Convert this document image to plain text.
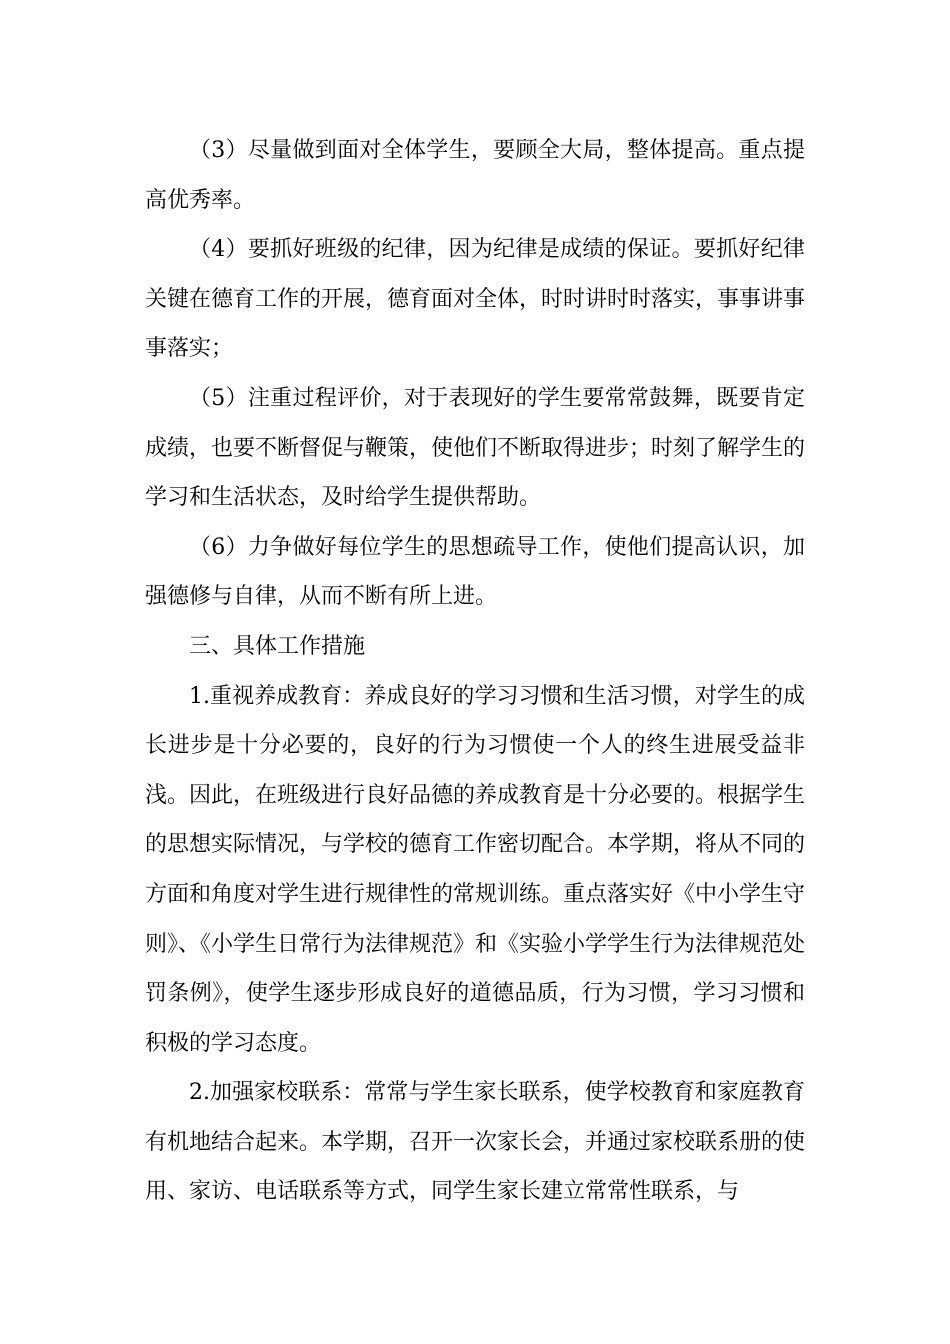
（3）尽量做到面对全体学生，要顾全大局，整体提高。重点提高优秀率。

（4）要抓好班级的纪律，因为纪律是成绩的保证。要抓好纪律关键在德育工作的开展，德育面对全体，时时讲时时落实，事事讲事事落实；

（5）注重过程评价，对于表现好的学生要常常鼓舞，既要肯定成绩，也要不断督促与鞭策，使他们不断取得进步；时刻了解学生的学习和生活状态，及时给学生提供帮助。

（6）力争做好每位学生的思想疏导工作，使他们提高认识，加强德修与自律，从而不断有所上进。

三、具体工作措施

1.重视养成教育：养成良好的学习习惯和生活习惯，对学生的成长进步是十分必要的，良好的行为习惯使一个人的终生进展受益非浅。因此，在班级进行良好品德的养成教育是十分必要的。根据学生的思想实际情况，与学校的德育工作密切配合。本学期，将从不同的方面和角度对学生进行规律性的常规训练。重点落实好《中小学生守则》、《小学生日常行为法律规范》和《实验小学学生行为法律规范处罚条例》，使学生逐步形成良好的道德品质，行为习惯，学习习惯和积极的学习态度。

2.加强家校联系：常常与学生家长联系，使学校教育和家庭教育有机地结合起来。本学期，召开一次家长会，并通过家校联系册的使用、家访、电话联系等方式，同学生家长建立常常性联系，与
